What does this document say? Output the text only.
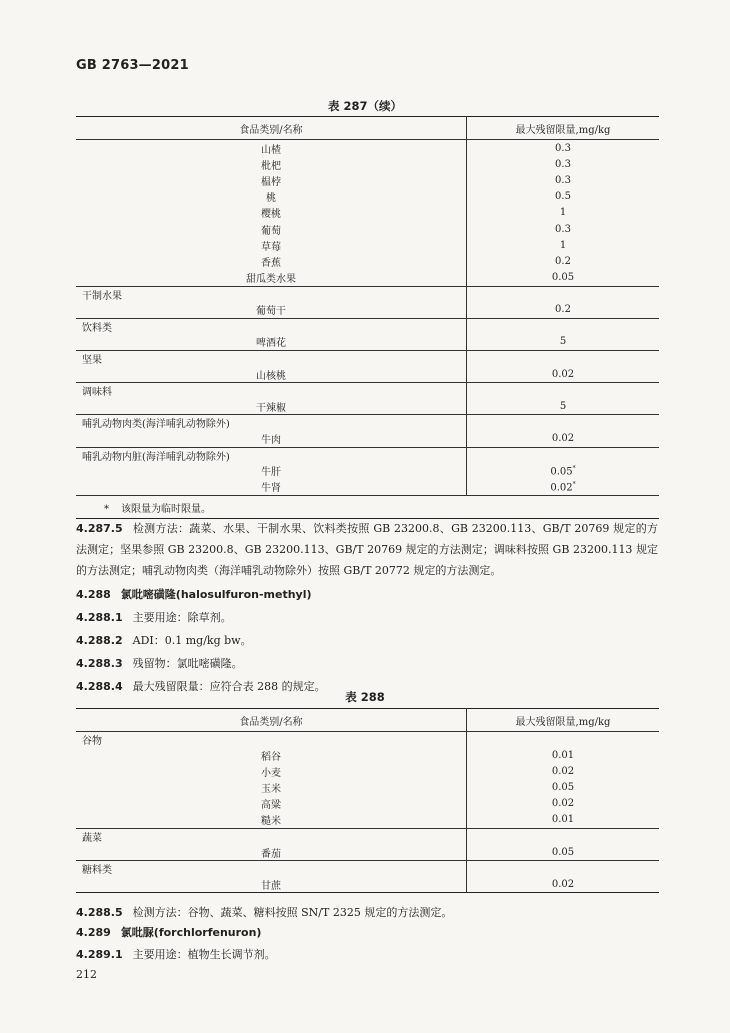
GB 2763—2021
表 287（续）
食品类别/名称	最大残留限量,mg/kg
山楂	0.3
枇杷	0.3
榅桲	0.3
桃	0.5
樱桃	1
葡萄	0.3
草莓	1
香蕉	0.2
甜瓜类水果	0.05
干制水果	
葡萄干	0.2
饮料类	
啤酒花	5
坚果	
山核桃	0.02
调味料	
干辣椒	5
哺乳动物肉类(海洋哺乳动物除外)	
牛肉	0.02
哺乳动物内脏(海洋哺乳动物除外)	
牛肝	0.05*
牛肾	0.02*
* 该限量为临时限量。	
4.287.5 检测方法：蔬菜、水果、干制水果、饮料类按照 GB 23200.8、GB 23200.113、GB/T 20769 规定的方法测定；坚果参照 GB 23200.8、GB 23200.113、GB/T 20769 规定的方法测定；调味料按照 GB 23200.113 规定的方法测定；哺乳动物肉类（海洋哺乳动物除外）按照 GB/T 20772 规定的方法测定。
4.288 氯吡嘧磺隆(halosulfuron-methyl)
4.288.1 主要用途：除草剂。
4.288.2 ADI：0.1 mg/kg bw。
4.288.3 残留物：氯吡嘧磺隆。
4.288.4 最大残留限量：应符合表 288 的规定。
表 288
食品类别/名称	最大残留限量,mg/kg
谷物	
稻谷	0.01
小麦	0.02
玉米	0.05
高粱	0.02
糙米	0.01
蔬菜	
番茄	0.05
糖料类	
甘蔗	0.02
4.288.5 检测方法：谷物、蔬菜、糖料按照 SN/T 2325 规定的方法测定。
4.289 氯吡脲(forchlorfenuron)
4.289.1 主要用途：植物生长调节剂。
212
